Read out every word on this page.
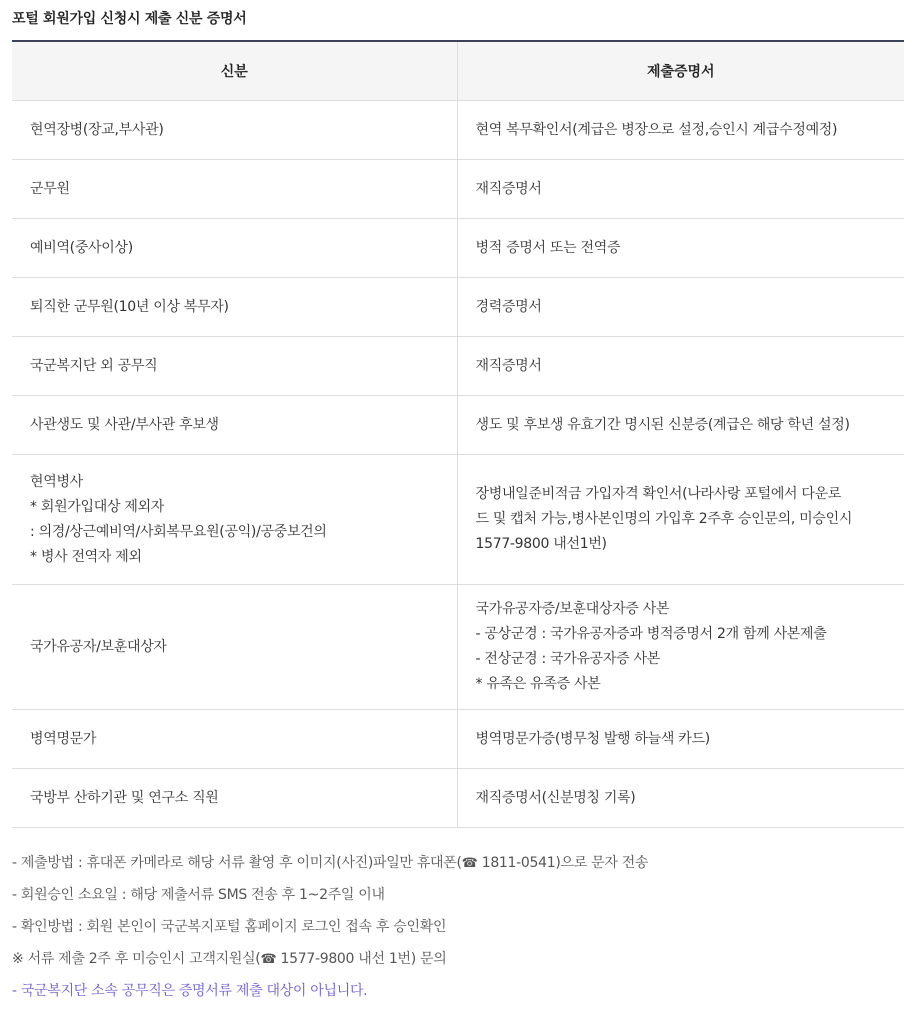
포털 회원가입 신청시 제출 신분 증명서
신분	제출증명서

현역장병(장교,부사관)	현역 복무확인서(계급은 병장으로 설정,승인시 계급수정예정)

군무원	재직증명서

예비역(중사이상)	병적 증명서 또는 전역증

퇴직한 군무원(10년 이상 복무자)	경력증명서

국군복지단 외 공무직	재직증명서

사관생도 및 사관/부사관 후보생	생도 및 후보생 유효기간 명시된 신분증(계급은 해당 학년 설정)

현역병사
* 회원가입대상 제외자
: 의경/상근예비역/사회복무요원(공익)/공중보건의
* 병사 전역자 제외	장병내일준비적금 가입자격 확인서(나라사랑 포털에서 다운로
드 및 캡처 가능,병사본인명의 가입후 2주후 승인문의, 미승인시
1577-9800 내선1번)

국가유공자/보훈대상자	국가유공자증/보훈대상자증 사본
- 공상군경 : 국가유공자증과 병적증명서 2개 함께 사본제출
- 전상군경 : 국가유공자증 사본
* 유족은 유족증 사본

병역명문가	병역명문가증(병무청 발행 하늘색 카드)

국방부 산하기관 및 연구소 직원	재직증명서(신분명칭 기록)
- 제출방법 : 휴대폰 카메라로 해당 서류 촬영 후 이미지(사진)파일만 휴대폰(☎ 1811-0541)으로 문자 전송
- 회원승인 소요일 : 해당 제출서류 SMS 전송 후 1~2주일 이내
- 확인방법 : 회원 본인이 국군복지포털 홈페이지 로그인 접속 후 승인확인
※ 서류 제출 2주 후 미승인시 고객지원실(☎ 1577-9800 내선 1번) 문의
- 국군복지단 소속 공무직은 증명서류 제출 대상이 아닙니다.
